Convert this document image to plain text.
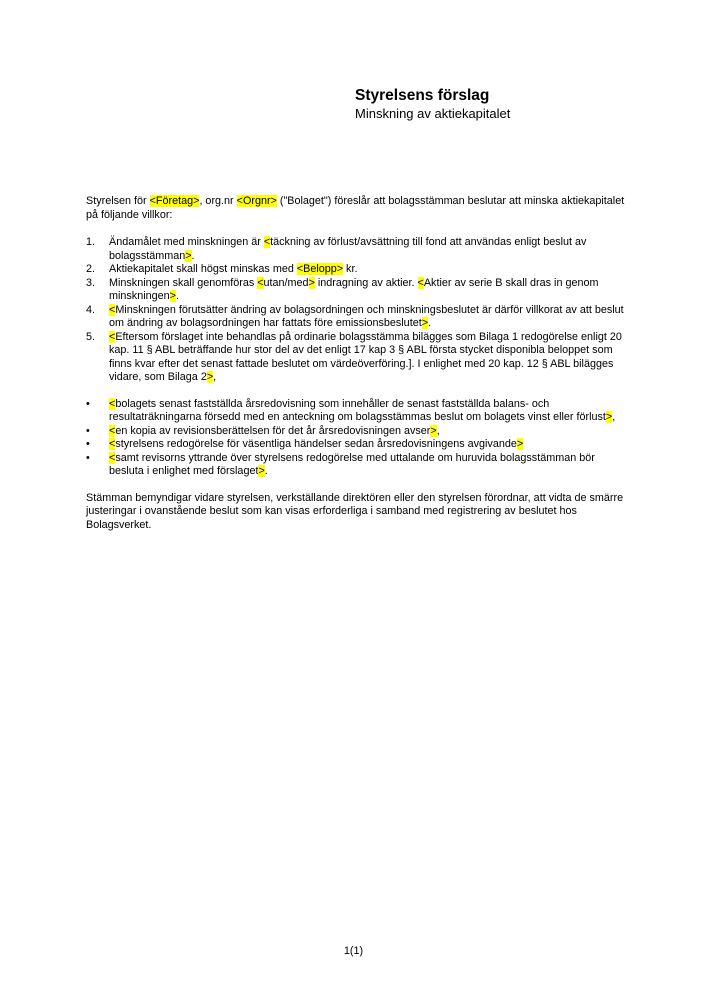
Styrelsens förslag
Minskning av aktiekapitalet

Styrelsen för <Företag>, org.nr <Orgnr> ("Bolaget") föreslår att bolagsstämman beslutar att minska aktiekapitalet på följande villkor:

1.	Ändamålet med minskningen är <täckning av förlust/avsättning till fond att användas enligt beslut av bolagsstämman>.
2.	Aktiekapitalet skall högst minskas med <Belopp> kr.
3.	Minskningen skall genomföras <utan/med> indragning av aktier. <Aktier av serie B skall dras in genom minskningen>.
4.	<Minskningen förutsätter ändring av bolagsordningen och minskningsbeslutet är därför villkorat av att beslut om ändring av bolagsordningen har fattats före emissionsbeslutet>.
5.	<Eftersom förslaget inte behandlas på ordinarie bolagsstämma bilägges som Bilaga 1 redogörelse enligt 20 kap. 11 § ABL beträffande hur stor del av det enligt 17 kap 3 § ABL första stycket disponibla beloppet som finns kvar efter det senast fattade beslutet om värdeöverföring.]. I enlighet med 20 kap. 12 § ABL bilägges vidare, som Bilaga 2>,
•	<bolagets senast fastställda årsredovisning som innehåller de senast fastställda balans- och resultaträkningarna försedd med en anteckning om bolagsstämmas beslut om bolagets vinst eller förlust>,
•	<en kopia av revisionsberättelsen för det år årsredovisningen avser>,
•	<styrelsens redogörelse för väsentliga händelser sedan årsredovisningens avgivande>
•	<samt revisorns yttrande över styrelsens redogörelse med uttalande om huruvida bolagsstämman bör besluta i enlighet med förslaget>.

Stämman bemyndigar vidare styrelsen, verkställande direktören eller den styrelsen förordnar, att vidta de smärre justeringar i ovanstående beslut som kan visas erforderliga i samband med registrering av beslutet hos Bolagsverket.

1(1)
